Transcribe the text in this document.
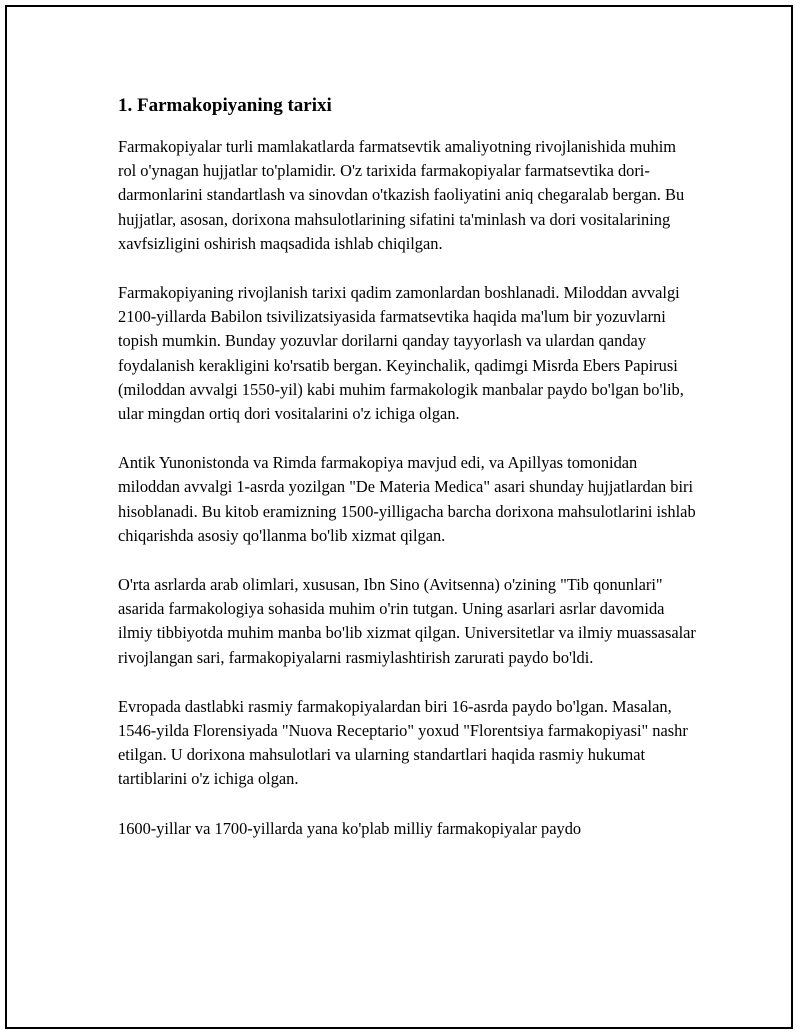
1. Farmakopiyaning tarixi

Farmakopiyalar turli mamlakatlarda farmatsevtik amaliyotning rivojlanishida muhim rol o'ynagan hujjatlar to'plamidir. O'z tarixida farmakopiyalar farmatsevtika dori-darmonlarini standartlash va sinovdan o'tkazish faoliyatini aniq chegaralab bergan. Bu hujjatlar, asosan, dorixona mahsulotlarining sifatini ta'minlash va dori vositalarining xavfsizligini oshirish maqsadida ishlab chiqilgan.

Farmakopiyaning rivojlanish tarixi qadim zamonlardan boshlanadi. Miloddan avvalgi 2100-yillarda Babilon tsivilizatsiyasida farmatsevtika haqida ma'lum bir yozuvlarni topish mumkin. Bunday yozuvlar dorilarni qanday tayyorlash va ulardan qanday foydalanish kerakligini ko'rsatib bergan. Keyinchalik, qadimgi Misrda Ebers Papirusi (miloddan avvalgi 1550-yil) kabi muhim farmakologik manbalar paydo bo'lgan bo'lib, ular mingdan ortiq dori vositalarini o'z ichiga olgan.

Antik Yunonistonda va Rimda farmakopiya mavjud edi, va Apillyas tomonidan miloddan avvalgi 1-asrda yozilgan "De Materia Medica" asari shunday hujjatlardan biri hisoblanadi. Bu kitob eramizning 1500-yilligacha barcha dorixona mahsulotlarini ishlab chiqarishda asosiy qo'llanma bo'lib xizmat qilgan.

O'rta asrlarda arab olimlari, xususan, Ibn Sino (Avitsenna) o'zining "Tib qonunlari" asarida farmakologiya sohasida muhim o'rin tutgan. Uning asarlari asrlar davomida ilmiy tibbiyotda muhim manba bo'lib xizmat qilgan. Universitetlar va ilmiy muassasalar rivojlangan sari, farmakopiyalarni rasmiylashtirish zarurati paydo bo'ldi.

Evropada dastlabki rasmiy farmakopiyalardan biri 16-asrda paydo bo'lgan. Masalan, 1546-yilda Florensiyada "Nuova Receptario" yoxud "Florentsiya farmakopiyasi" nashr etilgan. U dorixona mahsulotlari va ularning standartlari haqida rasmiy hukumat tartiblarini o'z ichiga olgan.

1600-yillar va 1700-yillarda yana ko'plab milliy farmakopiyalar paydo
